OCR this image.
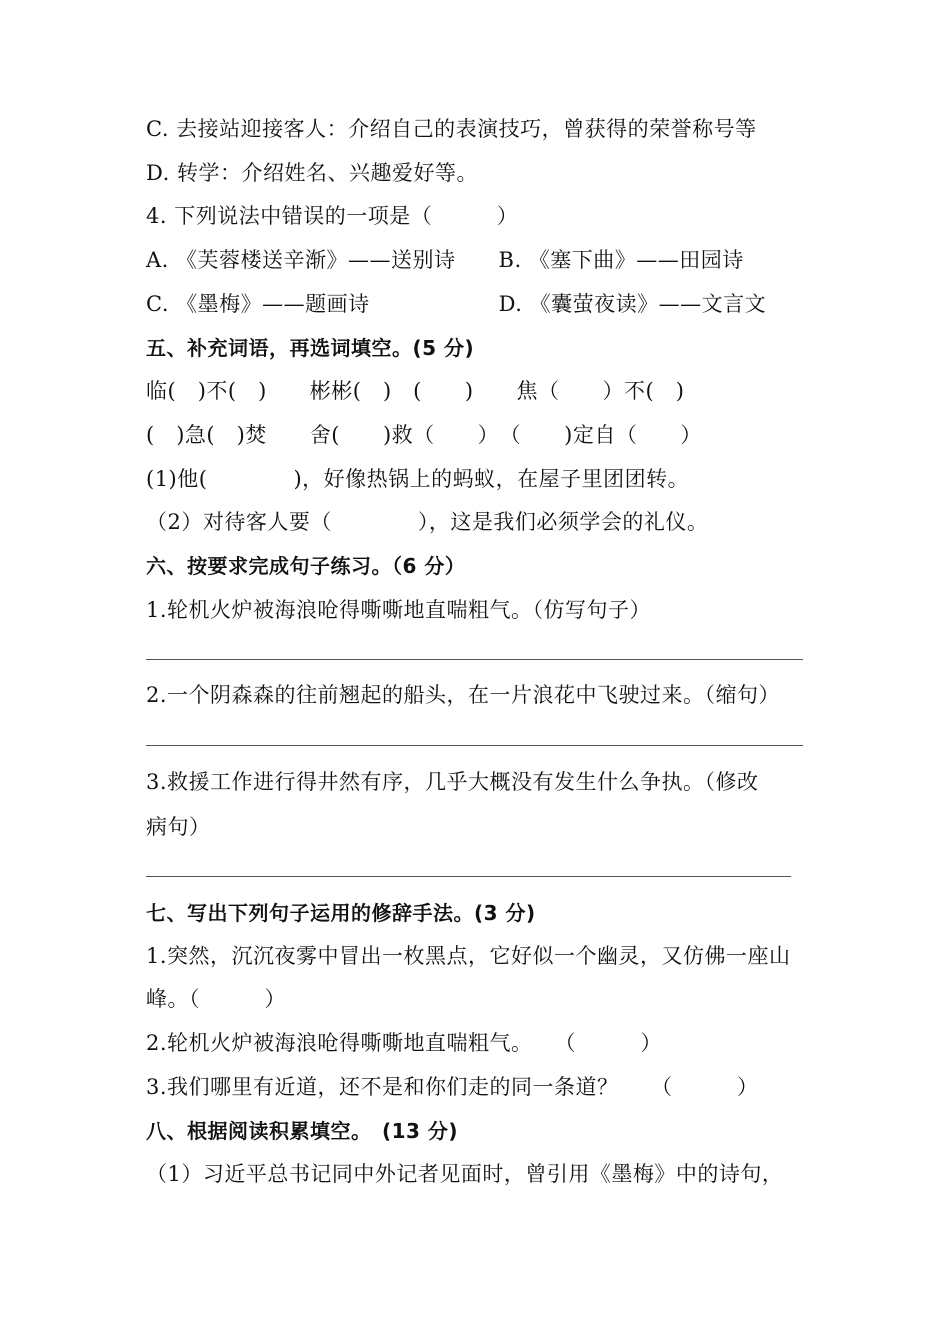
C. 去接站迎接客人：介绍自己的表演技巧，曾获得的荣誉称号等
D. 转学：介绍姓名、兴趣爱好等。
4. 下列说法中错误的一项是（　　　）
A. 《芙蓉楼送辛渐》——送别诗　　B. 《塞下曲》——田园诗
C. 《墨梅》——题画诗　　　　　　D. 《囊萤夜读》——文言文
五、补充词语，再选词填空。(5 分)
临(　)不(　)　　彬彬(　)　(　　)　　焦（　　）不(　)
(　)急(　)焚　　舍(　　)救（　　）　（　　)定自（　　）
(1)他(　　　　)，好像热锅上的蚂蚁，在屋子里团团转。
（2）对待客人要（　　　　），这是我们必须学会的礼仪。
六、按要求完成句子练习。（6 分）
1.轮机火炉被海浪呛得嘶嘶地直喘粗气。（仿写句子）
2.一个阴森森的往前翘起的船头，在一片浪花中飞驶过来。（缩句）
3.救援工作进行得井然有序，几乎大概没有发生什么争执。（修改
病句）
七、写出下列句子运用的修辞手法。(3 分)
1.突然，沉沉夜雾中冒出一枚黑点，它好似一个幽灵，又仿佛一座山
峰。（　　　）
2.轮机火炉被海浪呛得嘶嘶地直喘粗气。　　（　　　）
3.我们哪里有近道，还不是和你们走的同一条道？　　（　　　）
八、根据阅读积累填空。　(13 分)
（1）习近平总书记同中外记者见面时，曾引用《墨梅》中的诗句，
